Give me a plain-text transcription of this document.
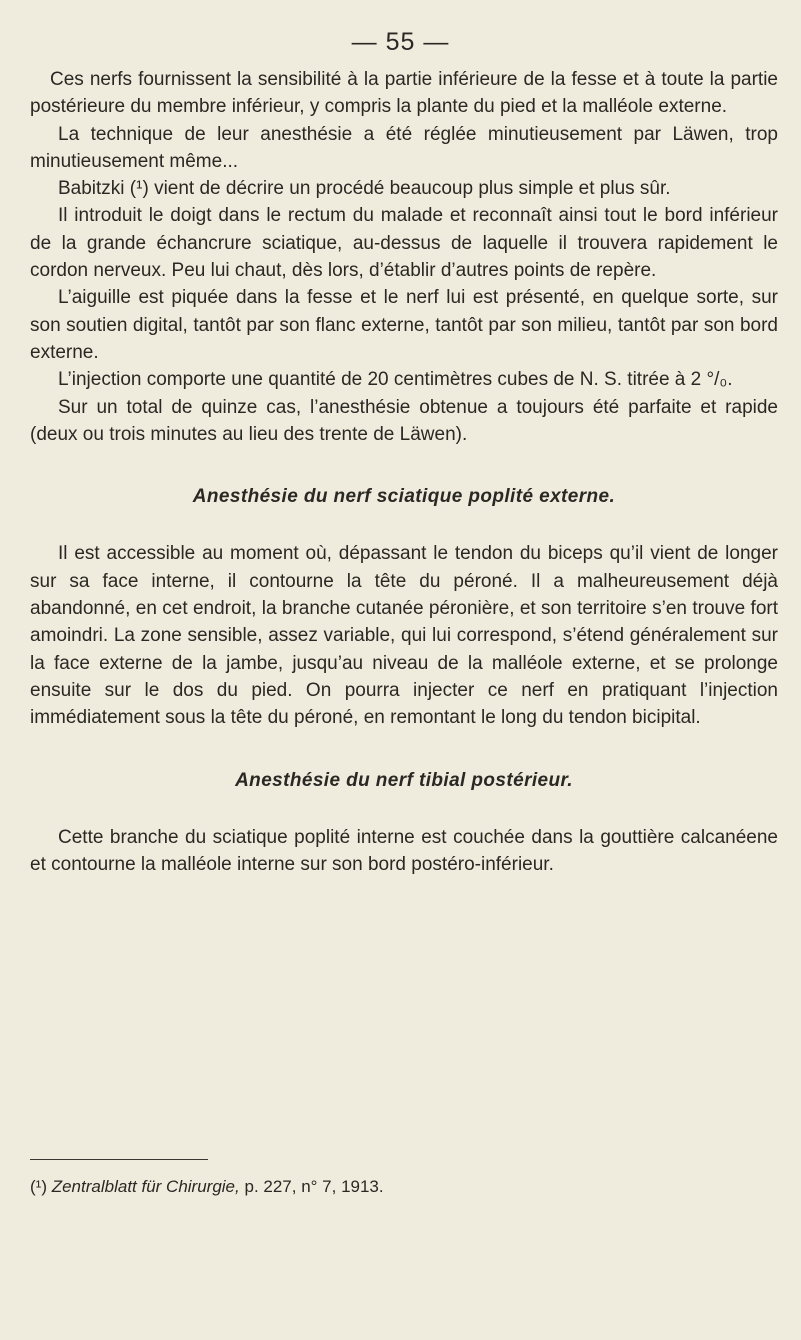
— 55 —

Ces nerfs fournissent la sensibilité à la partie inférieure de la fesse et à toute la partie postérieure du membre inférieur, y compris la plante du pied et la malléole externe.

La technique de leur anesthésie a été réglée minutieusement par Läwen, trop minutieusement même...

Babitzki (¹) vient de décrire un procédé beaucoup plus simple et plus sûr.

Il introduit le doigt dans le rectum du malade et reconnaît ainsi tout le bord inférieur de la grande échancrure sciatique, au-dessus de laquelle il trouvera rapidement le cordon nerveux. Peu lui chaut, dès lors, d’établir d’autres points de repère.

L’aiguille est piquée dans la fesse et le nerf lui est présenté, en quelque sorte, sur son soutien digital, tantôt par son flanc externe, tantôt par son milieu, tantôt par son bord externe.

L’injection comporte une quantité de 20 centimètres cubes de N. S. titrée à 2 °/₀.

Sur un total de quinze cas, l’anesthésie obtenue a toujours été parfaite et rapide (deux ou trois minutes au lieu des trente de Läwen).

Anesthésie du nerf sciatique poplité externe.

Il est accessible au moment où, dépassant le tendon du biceps qu’il vient de longer sur sa face interne, il contourne la tête du péroné. Il a malheureusement déjà abandonné, en cet endroit, la branche cutanée péronière, et son territoire s’en trouve fort amoindri. La zone sensible, assez variable, qui lui correspond, s’étend généralement sur la face externe de la jambe, jusqu’au niveau de la malléole externe, et se prolonge ensuite sur le dos du pied. On pourra injecter ce nerf en pratiquant l’injection immédiatement sous la tête du péroné, en remontant le long du tendon bicipital.

Anesthésie du nerf tibial postérieur.

Cette branche du sciatique poplité interne est couchée dans la gouttière calcanéene et contourne la malléole interne sur son bord postéro-inférieur.

(¹) Zentralblatt für Chirurgie, p. 227, n° 7, 1913.
